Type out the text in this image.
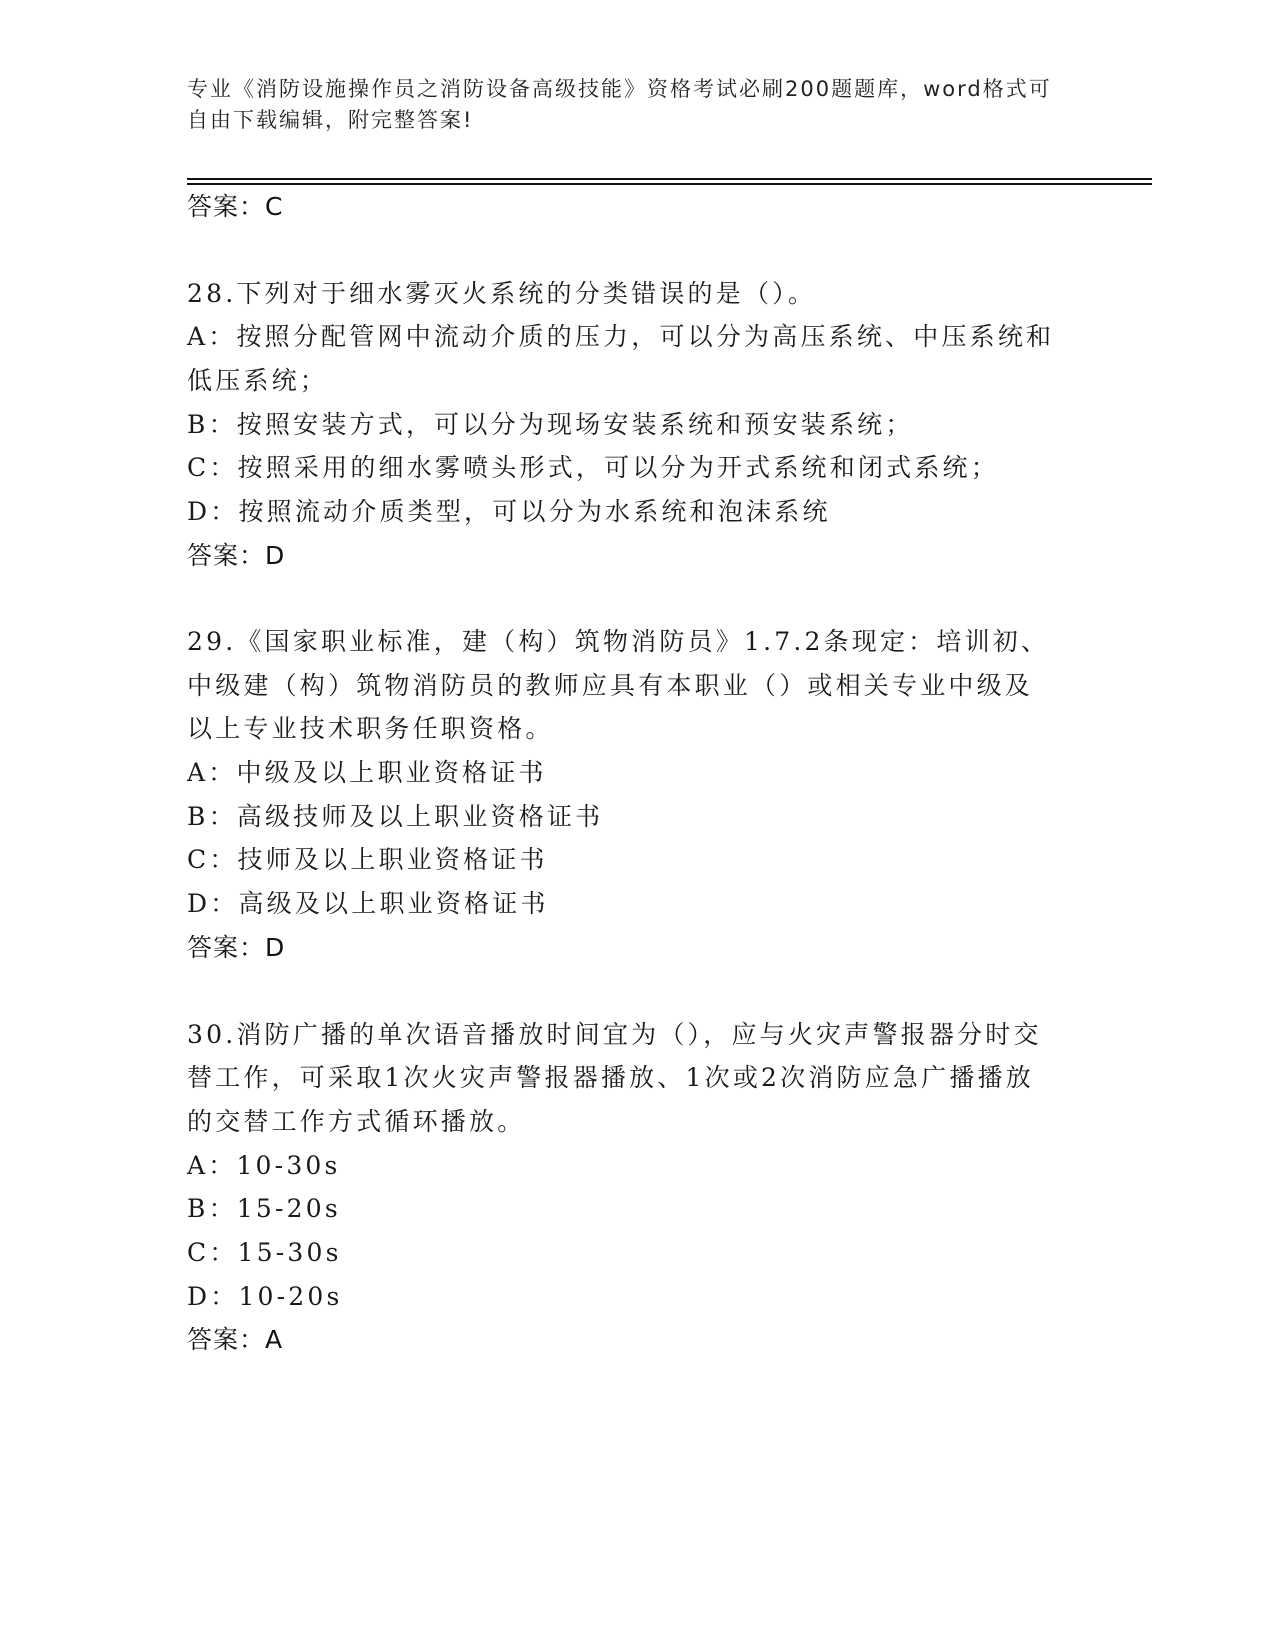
专业《消防设施操作员之消防设备高级技能》资格考试必刷200题题库，word格式可自由下载编辑，附完整答案!
答案：C
28.下列对于细水雾灭火系统的分类错误的是（）。
A：按照分配管网中流动介质的压力，可以分为高压系统、中压系统和
低压系统；
B：按照安装方式，可以分为现场安装系统和预安装系统；
C：按照采用的细水雾喷头形式，可以分为开式系统和闭式系统；
D：按照流动介质类型，可以分为水系统和泡沫系统
答案：D
29.《国家职业标准，建（构）筑物消防员》1.7.2条现定：培训初、
中级建（构）筑物消防员的教师应具有本职业（）或相关专业中级及
以上专业技术职务任职资格。
A：中级及以上职业资格证书
B：高级技师及以上职业资格证书
C：技师及以上职业资格证书
D：高级及以上职业资格证书
答案：D
30.消防广播的单次语音播放时间宜为（），应与火灾声警报器分时交
替工作，可采取1次火灾声警报器播放、1次或2次消防应急广播播放
的交替工作方式循环播放。
A：10-30s
B：15-20s
C：15-30s
D：10-20s
答案：A
